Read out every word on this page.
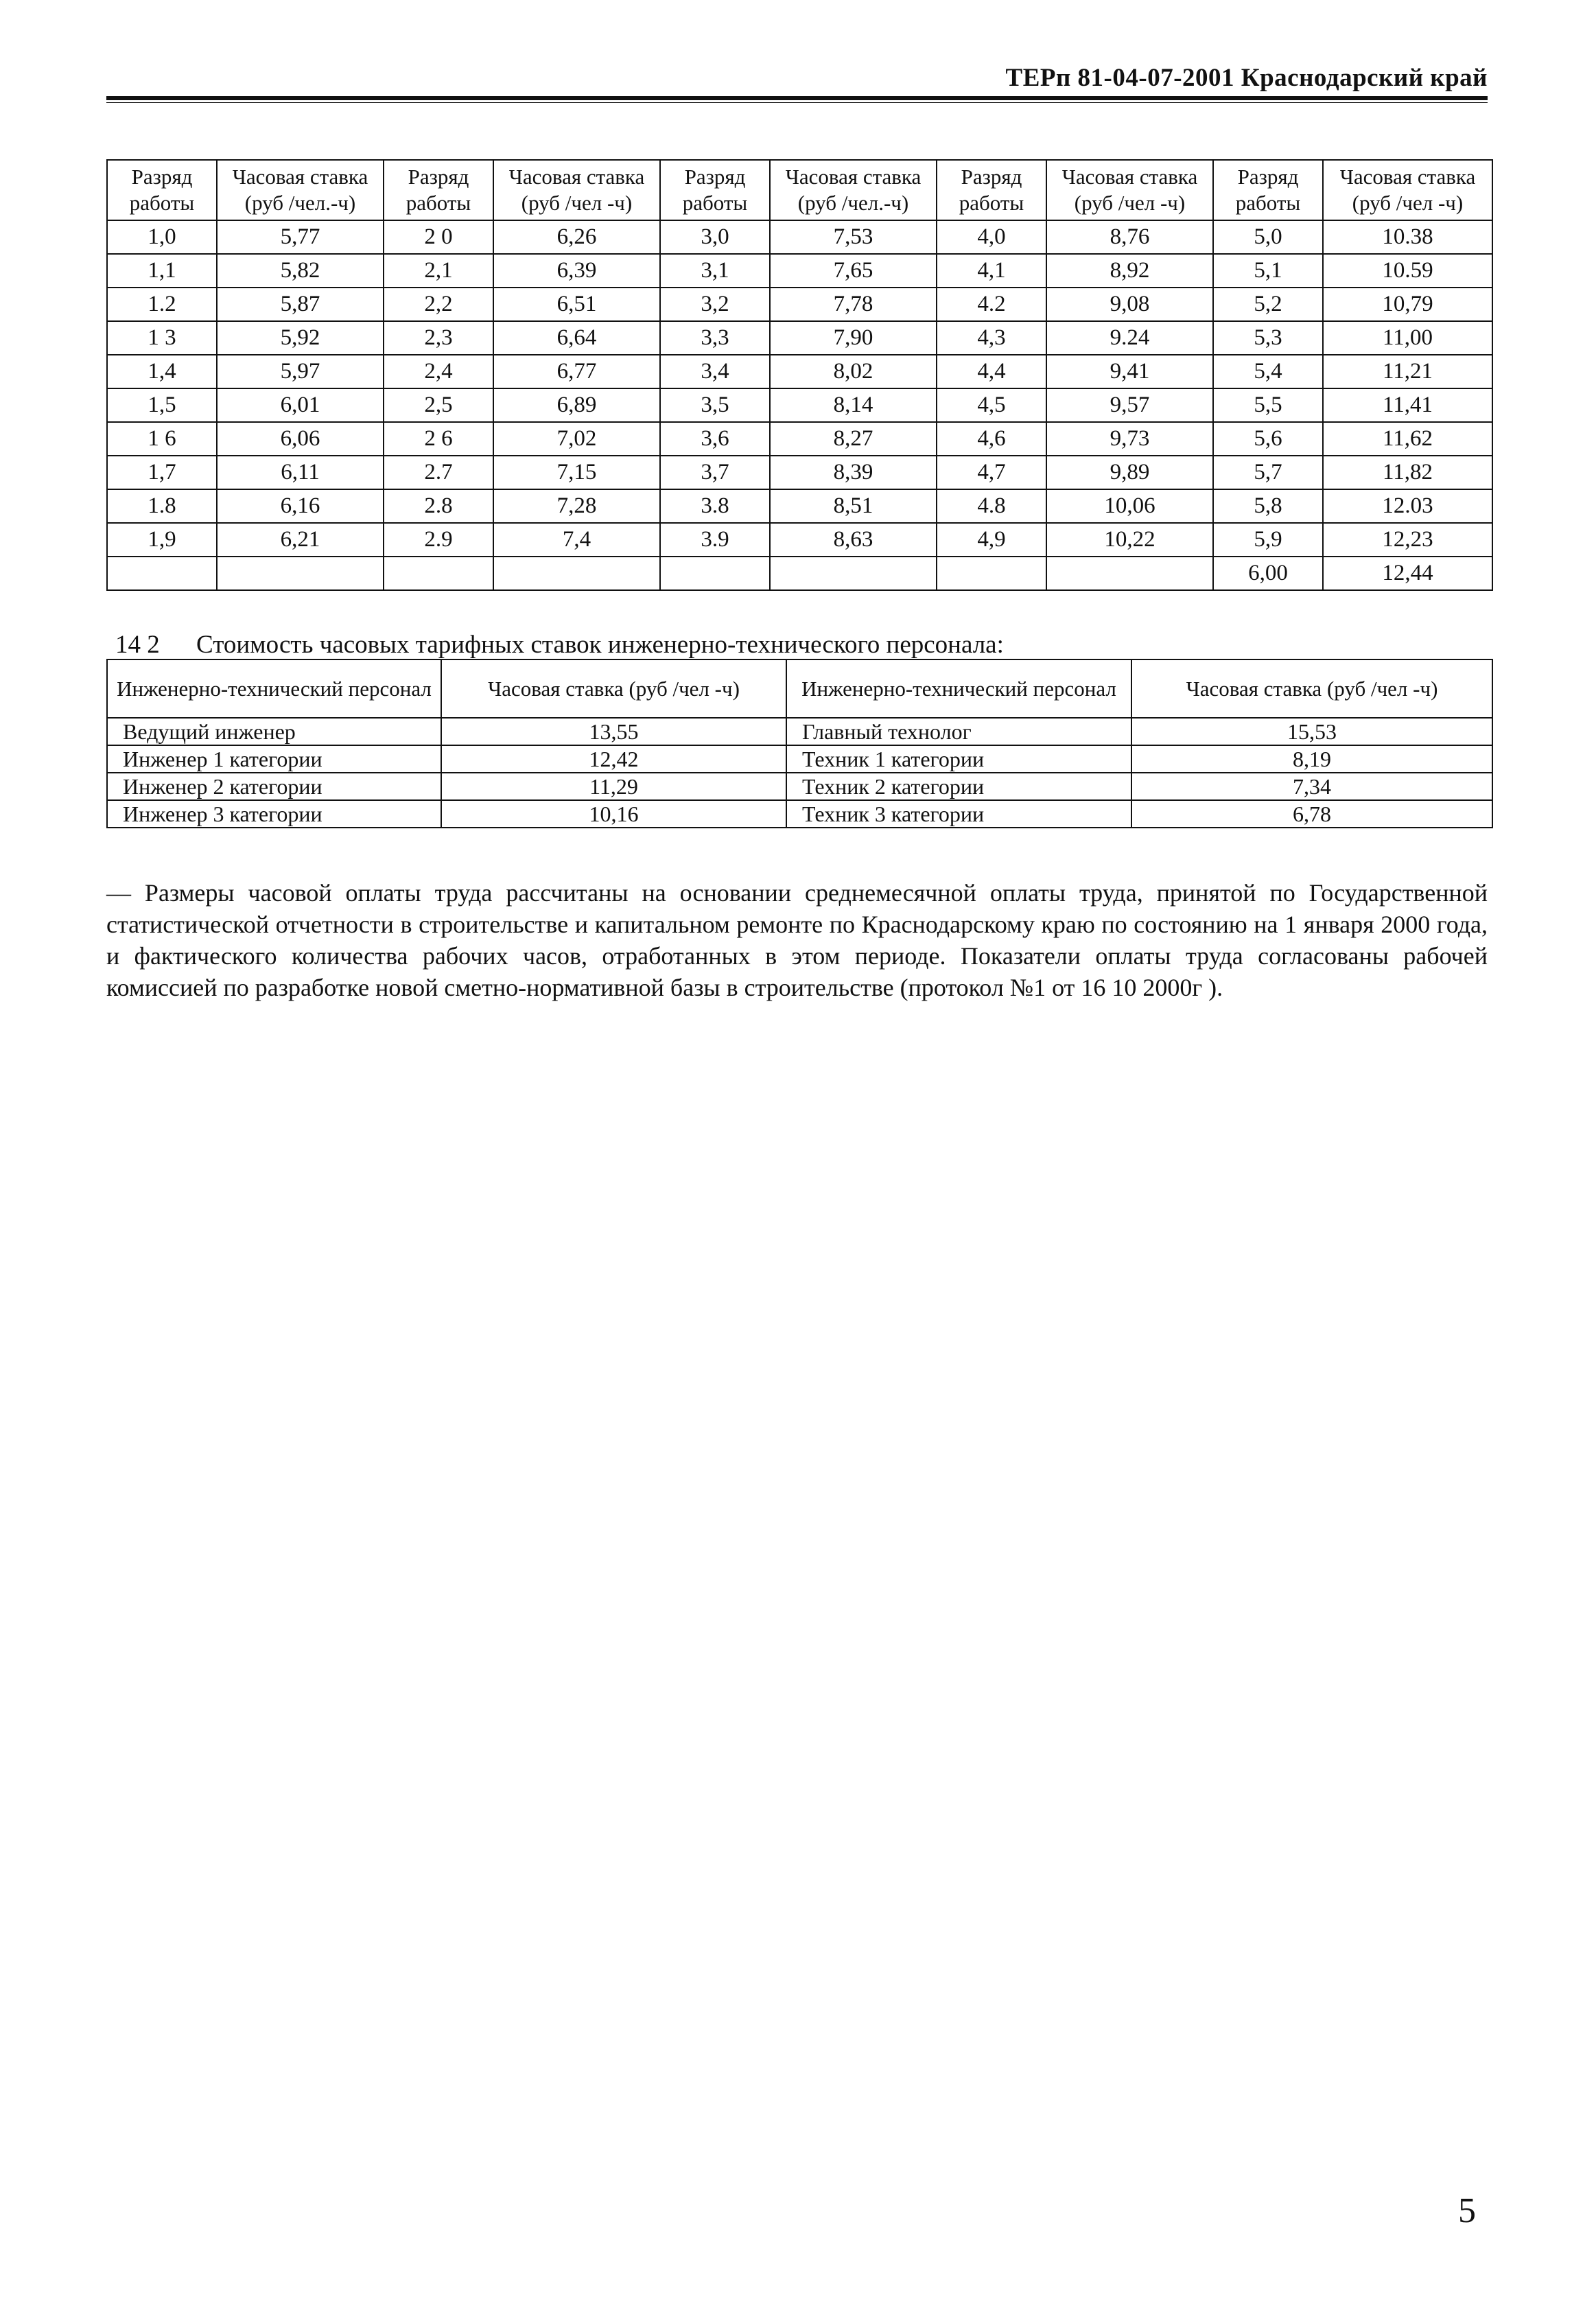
ТЕРп 81-04-07-2001 Краснодарский край
Разряд работы	Часовая ставка (руб /чел.-ч)	Разряд работы	Часовая ставка (руб /чел -ч)	Разряд работы	Часовая ставка (руб /чел.-ч)	Разряд работы	Часовая ставка (руб /чел -ч)	Разряд работы	Часовая ставка (руб /чел -ч)
1,0	5,77	2 0	6,26	3,0	7,53	4,0	8,76	5,0	10.38
1,1	5,82	2,1	6,39	3,1	7,65	4,1	8,92	5,1	10.59
1.2	5,87	2,2	6,51	3,2	7,78	4.2	9,08	5,2	10,79
1 3	5,92	2,3	6,64	3,3	7,90	4,3	9.24	5,3	11,00
1,4	5,97	2,4	6,77	3,4	8,02	4,4	9,41	5,4	11,21
1,5	6,01	2,5	6,89	3,5	8,14	4,5	9,57	5,5	11,41
1 6	6,06	2 6	7,02	3,6	8,27	4,6	9,73	5,6	11,62
1,7	6,11	2.7	7,15	3,7	8,39	4,7	9,89	5,7	11,82
1.8	6,16	2.8	7,28	3.8	8,51	4.8	10,06	5,8	12.03
1,9	6,21	2.9	7,4	3.9	8,63	4,9	10,22	5,9	12,23
								6,00	12,44
14 2 Стоимость часовых тарифных ставок инженерно-технического персонала:
Инженерно-технический персонал	Часовая ставка (руб /чел -ч)	Инженерно-технический персонал	Часовая ставка (руб /чел -ч)
Ведущий инженер	13,55	Главный технолог	15,53
Инженер 1 категории	12,42	Техник 1 категории	8,19
Инженер 2 категории	11,29	Техник 2 категории	7,34
Инженер 3 категории	10,16	Техник 3 категории	6,78

— Размеры часовой оплаты труда рассчитаны на основании среднемесячной оплаты труда, принятой по Государственной статистической отчетности в строительстве и капитальном ремонте по Краснодарскому краю по состоянию на 1 января 2000 года, и фактического количества рабочих часов, отработанных в этом периоде. Показатели оплаты труда согласованы рабочей комиссией по разработке новой сметно-нормативной базы в строительстве (протокол №1 от 16 10 2000г ).

5
